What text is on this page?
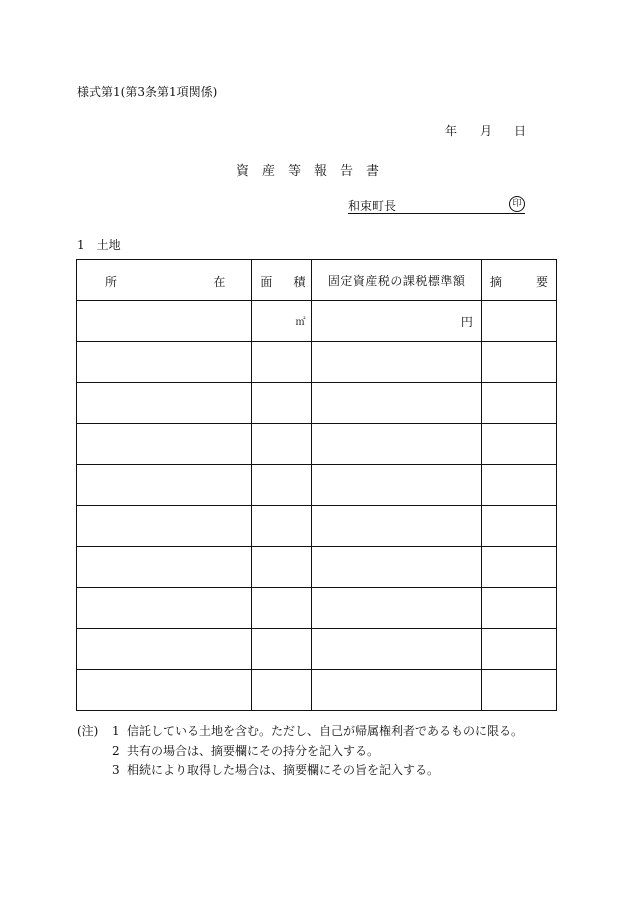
様式第1(第3条第1項関係)
年 月 日
資 産 等 報 告 書
和束町長	印
1　土地
所 在	面 積	固定資産税の課税標準額	摘 要

	㎡	円	

(注) 1 信託している土地を含む。ただし、自己が帰属権利者であるものに限る。
2 共有の場合は、摘要欄にその持分を記入する。
3 相続により取得した場合は、摘要欄にその旨を記入する。
